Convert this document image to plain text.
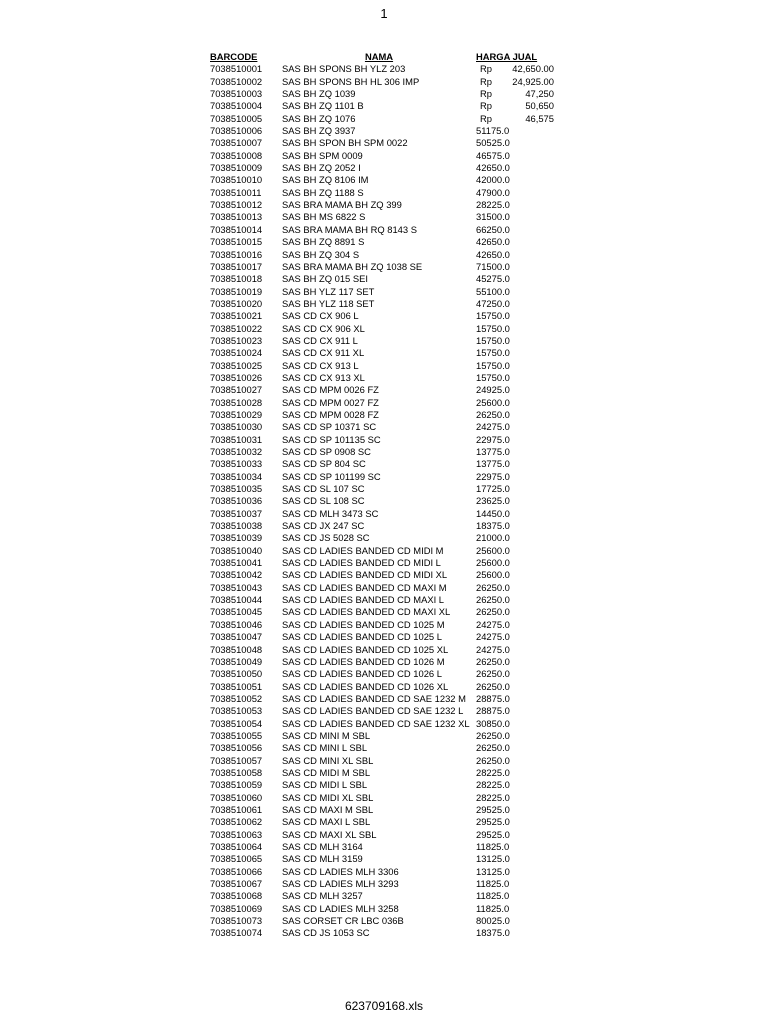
1
BARCODE	NAMA	HARGA JUAL
7038510001	SAS BH SPONS BH YLZ 203	Rp 42,650.00
7038510002	SAS BH SPONS BH HL 306 IMP	Rp 24,925.00
7038510003	SAS BH ZQ 1039	Rp 47,250
7038510004	SAS BH ZQ 1101 B	Rp 50,650
7038510005	SAS BH ZQ 1076	Rp 46,575
7038510006	SAS BH ZQ 3937	51175.0
7038510007	SAS BH SPON BH SPM 0022	50525.0
7038510008	SAS BH SPM 0009	46575.0
7038510009	SAS BH ZQ 2052 I	42650.0
7038510010	SAS BH ZQ 8106 IM	42000.0
7038510011	SAS BH ZQ 1188 S	47900.0
7038510012	SAS BRA MAMA BH ZQ 399	28225.0
7038510013	SAS BH MS 6822 S	31500.0
7038510014	SAS BRA MAMA BH RQ 8143 S	66250.0
7038510015	SAS BH ZQ 8891 S	42650.0
7038510016	SAS BH ZQ 304 S	42650.0
7038510017	SAS BRA MAMA BH ZQ 1038 SE	71500.0
7038510018	SAS BH ZQ 015 SEI	45275.0
7038510019	SAS BH YLZ 117 SET	55100.0
7038510020	SAS BH YLZ 118 SET	47250.0
7038510021	SAS CD CX 906 L	15750.0
7038510022	SAS CD CX 906 XL	15750.0
7038510023	SAS CD CX 911 L	15750.0
7038510024	SAS CD CX 911 XL	15750.0
7038510025	SAS CD CX 913 L	15750.0
7038510026	SAS CD CX 913 XL	15750.0
7038510027	SAS CD MPM 0026 FZ	24925.0
7038510028	SAS CD MPM 0027 FZ	25600.0
7038510029	SAS CD MPM 0028 FZ	26250.0
7038510030	SAS CD SP 10371 SC	24275.0
7038510031	SAS CD SP 101135 SC	22975.0
7038510032	SAS CD SP 0908 SC	13775.0
7038510033	SAS CD SP 804 SC	13775.0
7038510034	SAS CD SP 101199 SC	22975.0
7038510035	SAS CD SL 107 SC	17725.0
7038510036	SAS CD SL 108 SC	23625.0
7038510037	SAS CD MLH 3473 SC	14450.0
7038510038	SAS CD JX 247 SC	18375.0
7038510039	SAS CD JS 5028 SC	21000.0
7038510040	SAS CD LADIES BANDED CD MIDI M	25600.0
7038510041	SAS CD LADIES BANDED CD MIDI L	25600.0
7038510042	SAS CD LADIES BANDED CD MIDI XL	25600.0
7038510043	SAS CD LADIES BANDED CD MAXI M	26250.0
7038510044	SAS CD LADIES BANDED CD MAXI L	26250.0
7038510045	SAS CD LADIES BANDED CD MAXI XL	26250.0
7038510046	SAS CD LADIES BANDED CD 1025 M	24275.0
7038510047	SAS CD LADIES BANDED CD 1025 L	24275.0
7038510048	SAS CD LADIES BANDED CD 1025 XL	24275.0
7038510049	SAS CD LADIES BANDED CD 1026 M	26250.0
7038510050	SAS CD LADIES BANDED CD 1026 L	26250.0
7038510051	SAS CD LADIES BANDED CD 1026 XL	26250.0
7038510052	SAS CD LADIES BANDED CD SAE 1232 M	28875.0
7038510053	SAS CD LADIES BANDED CD SAE 1232 L	28875.0
7038510054	SAS CD LADIES BANDED CD SAE 1232 XL	30850.0
7038510055	SAS CD MINI M SBL	26250.0
7038510056	SAS CD MINI L SBL	26250.0
7038510057	SAS CD MINI XL SBL	26250.0
7038510058	SAS CD MIDI M SBL	28225.0
7038510059	SAS CD MIDI L SBL	28225.0
7038510060	SAS CD MIDI XL SBL	28225.0
7038510061	SAS CD MAXI M SBL	29525.0
7038510062	SAS CD MAXI L SBL	29525.0
7038510063	SAS CD MAXI XL SBL	29525.0
7038510064	SAS CD MLH 3164	11825.0
7038510065	SAS CD MLH 3159	13125.0
7038510066	SAS CD LADIES MLH 3306	13125.0
7038510067	SAS CD LADIES MLH 3293	11825.0
7038510068	SAS CD MLH 3257	11825.0
7038510069	SAS CD LADIES MLH 3258	11825.0
7038510073	SAS CORSET CR LBC 036B	80025.0
7038510074	SAS CD JS 1053 SC	18375.0
623709168.xls
